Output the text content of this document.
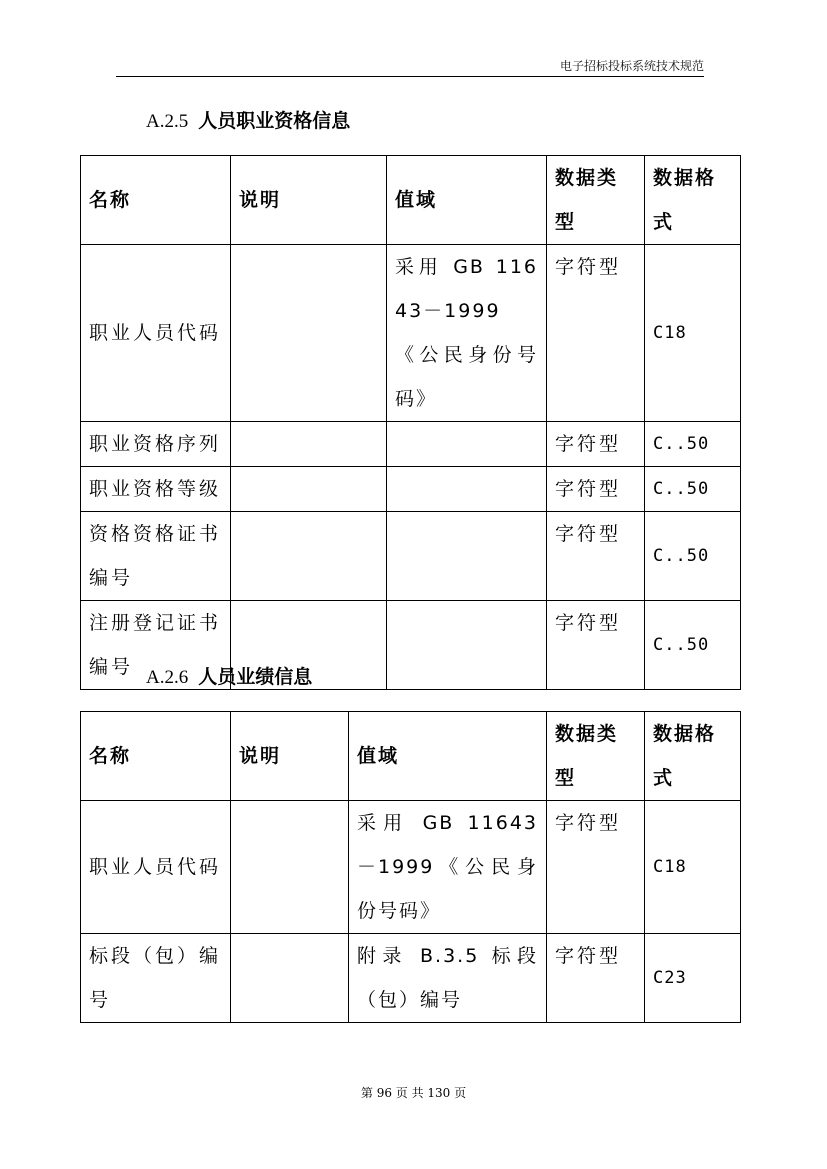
电子招标投标系统技术规范
A.2.5 人员职业资格信息
名称	说明	值域	数据类型	数据格式
职业人员代码		采用 GB 11643－1999《公民身份号码》	字符型	C18
职业资格序列			字符型	C..50
职业资格等级			字符型	C..50
资格资格证书编号			字符型	C..50
注册登记证书编号			字符型	C..50
A.2.6 人员业绩信息
名称	说明	值域	数据类型	数据格式
职业人员代码		采用 GB 11643－1999《公民身份号码》	字符型	C18
标段（包）编号		附录 B.3.5 标段（包）编号	字符型	C23
第 96 页 共 130 页
